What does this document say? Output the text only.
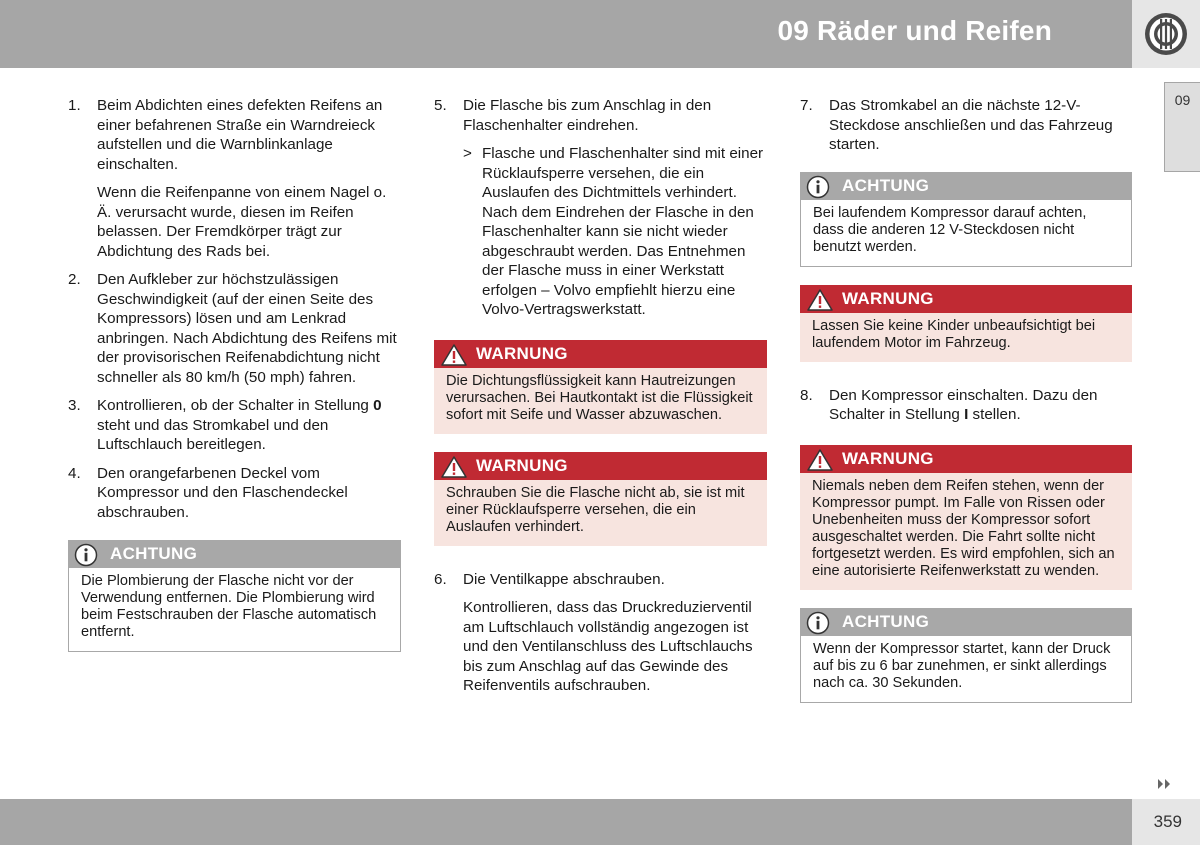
09 Räder und Reifen
09
1.	Beim Abdichten eines defekten Reifens an einer befahrenen Straße ein Warndreieck aufstellen und die Warnblinkanlage einschalten.
Wenn die Reifenpanne von einem Nagel o. Ä. verursacht wurde, diesen im Reifen belassen. Der Fremdkörper trägt zur Abdichtung des Rads bei.
2.	Den Aufkleber zur höchstzulässigen Geschwindigkeit (auf der einen Seite des Kompressors) lösen und am Lenkrad anbringen. Nach Abdichtung des Reifens mit der provisorischen Reifenabdichtung nicht schneller als 80 km/h (50 mph) fahren.
3.	Kontrollieren, ob der Schalter in Stellung 0 steht und das Stromkabel und den Luftschlauch bereitlegen.
4.	Den orangefarbenen Deckel vom Kompressor und den Flaschendeckel abschrauben.
ACHTUNG
Die Plombierung der Flasche nicht vor der Verwendung entfernen. Die Plombierung wird beim Festschrauben der Flasche automatisch entfernt.
5.	Die Flasche bis zum Anschlag in den Flaschenhalter eindrehen.
> Flasche und Flaschenhalter sind mit einer Rücklaufsperre versehen, die ein Auslaufen des Dichtmittels verhindert. Nach dem Eindrehen der Flasche in den Flaschenhalter kann sie nicht wieder abgeschraubt werden. Das Entnehmen der Flasche muss in einer Werkstatt erfolgen – Volvo empfiehlt hierzu eine Volvo-Vertragswerkstatt.
WARNUNG
Die Dichtungsflüssigkeit kann Hautreizungen verursachen. Bei Hautkontakt ist die Flüssigkeit sofort mit Seife und Wasser abzuwaschen.
WARNUNG
Schrauben Sie die Flasche nicht ab, sie ist mit einer Rücklaufsperre versehen, die ein Auslaufen verhindert.
6.	Die Ventilkappe abschrauben.
Kontrollieren, dass das Druckreduzierventil am Luftschlauch vollständig angezogen ist und den Ventilanschluss des Luftschlauchs bis zum Anschlag auf das Gewinde des Reifenventils aufschrauben.
7.	Das Stromkabel an die nächste 12-V-Steckdose anschließen und das Fahrzeug starten.
ACHTUNG
Bei laufendem Kompressor darauf achten, dass die anderen 12 V-Steckdosen nicht benutzt werden.
WARNUNG
Lassen Sie keine Kinder unbeaufsichtigt bei laufendem Motor im Fahrzeug.
8.	Den Kompressor einschalten. Dazu den Schalter in Stellung I stellen.
WARNUNG
Niemals neben dem Reifen stehen, wenn der Kompressor pumpt. Im Falle von Rissen oder Unebenheiten muss der Kompressor sofort ausgeschaltet werden. Die Fahrt sollte nicht fortgesetzt werden. Es wird empfohlen, sich an eine autorisierte Reifenwerkstatt zu wenden.
ACHTUNG
Wenn der Kompressor startet, kann der Druck auf bis zu 6 bar zunehmen, er sinkt allerdings nach ca. 30 Sekunden.
359
